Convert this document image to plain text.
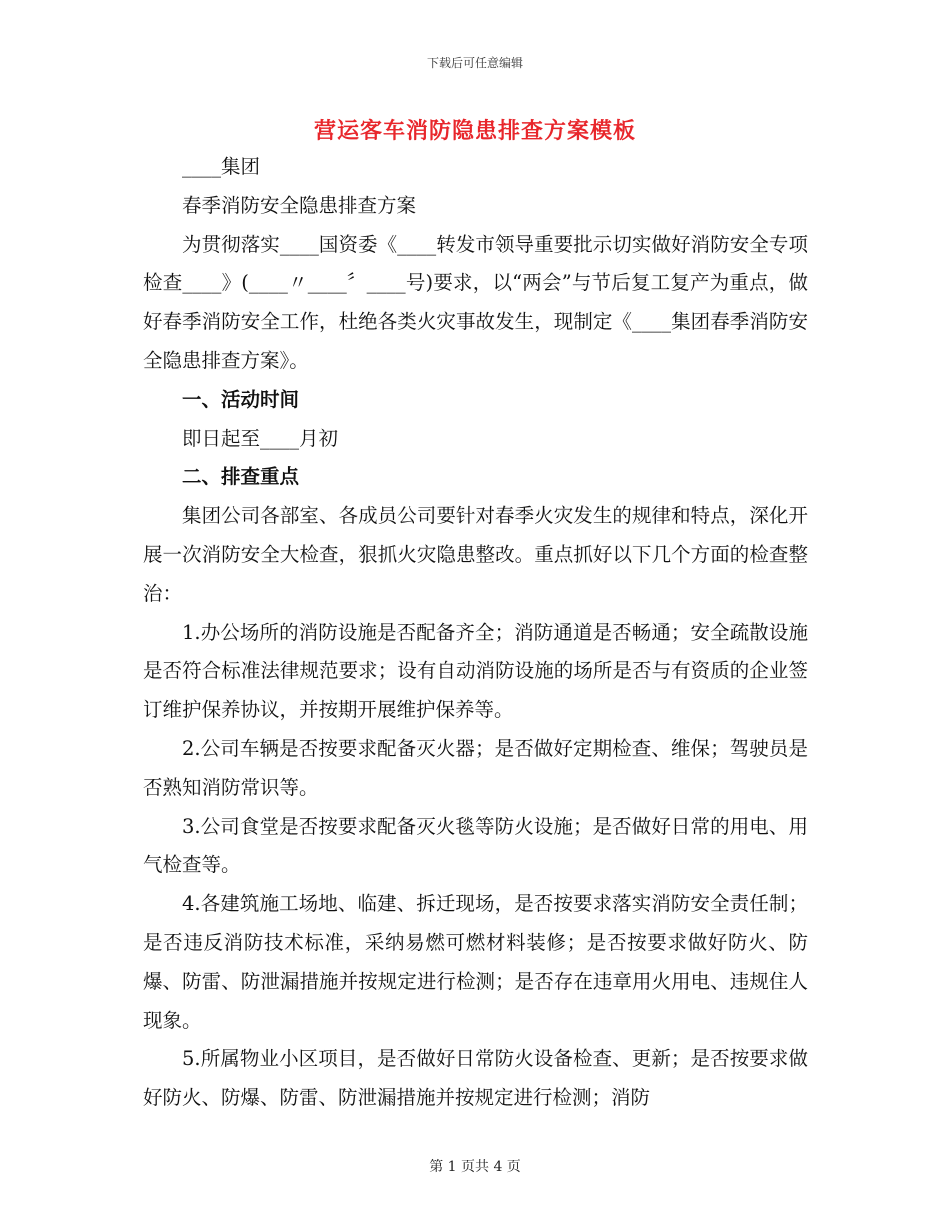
下载后可任意编辑
营运客车消防隐患排查方案模板

____集团

春季消防安全隐患排查方案

为贯彻落实____国资委《____转发市领导重要批示切实做好消防安全专项检查____》(____〃____〞____号)要求，以“两会”与节后复工复产为重点，做好春季消防安全工作，杜绝各类火灾事故发生，现制定《____集团春季消防安全隐患排查方案》。

一、活动时间

即日起至____月初

二、排查重点

集团公司各部室、各成员公司要针对春季火灾发生的规律和特点，深化开展一次消防安全大检查，狠抓火灾隐患整改。重点抓好以下几个方面的检查整治：

1.办公场所的消防设施是否配备齐全；消防通道是否畅通；安全疏散设施是否符合标准法律规范要求；设有自动消防设施的场所是否与有资质的企业签订维护保养协议，并按期开展维护保养等。

2.公司车辆是否按要求配备灭火器；是否做好定期检查、维保；驾驶员是否熟知消防常识等。

3.公司食堂是否按要求配备灭火毯等防火设施；是否做好日常的用电、用气检查等。

4.各建筑施工场地、临建、拆迁现场，是否按要求落实消防安全责任制；是否违反消防技术标准，采纳易燃可燃材料装修；是否按要求做好防火、防爆、防雷、防泄漏措施并按规定进行检测；是否存在违章用火用电、违规住人现象。

5.所属物业小区项目，是否做好日常防火设备检查、更新；是否按要求做好防火、防爆、防雷、防泄漏措施并按规定进行检测；消防

第 1 页共 4 页
